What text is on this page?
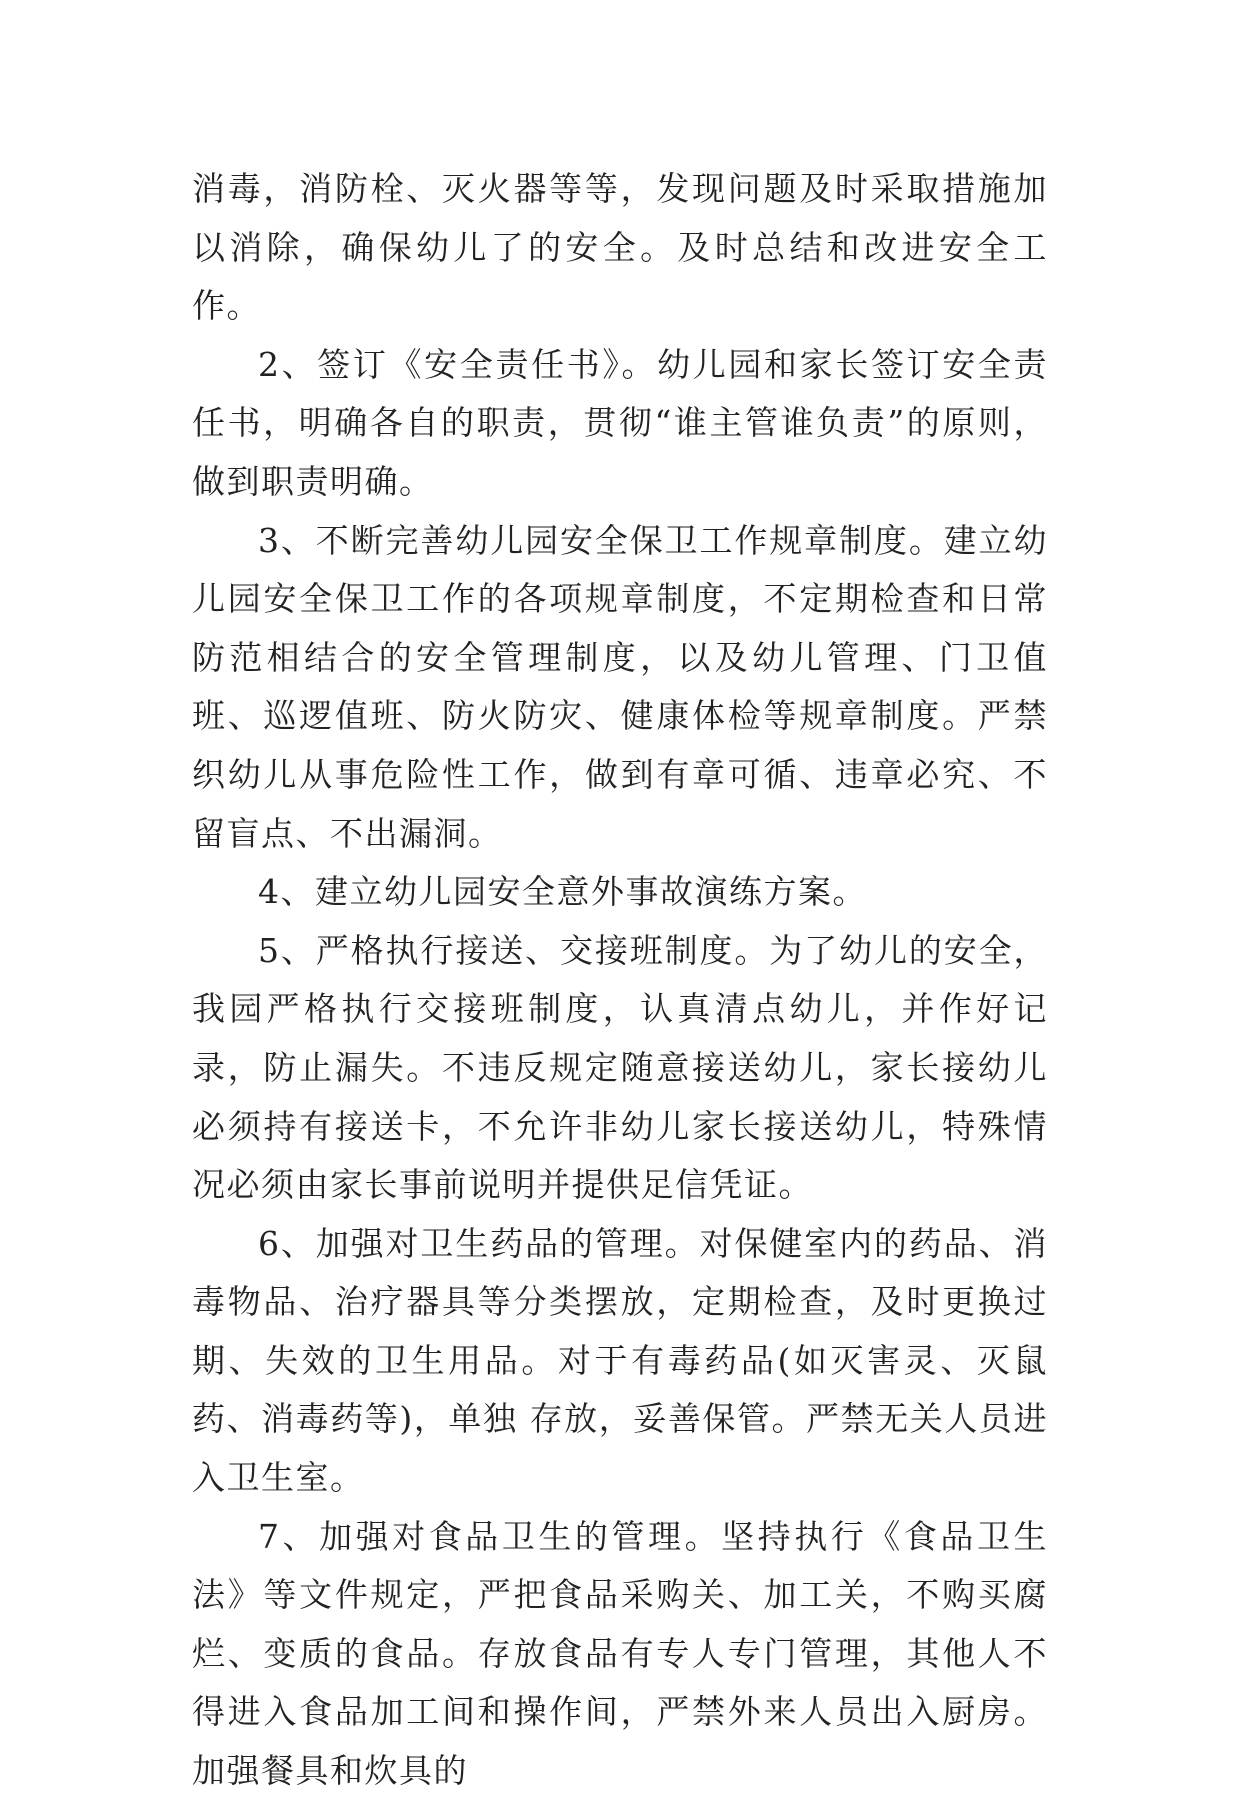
消毒，消防栓、灭火器等等，发现问题及时采取措施加以消除，确保幼儿了的安全。及时总结和改进安全工作。

2、签订《安全责任书》。幼儿园和家长签订安全责任书，明确各自的职责，贯彻“谁主管谁负责”的原则，做到职责明确。

3、不断完善幼儿园安全保卫工作规章制度。建立幼儿园安全保卫工作的各项规章制度，不定期检查和日常防范相结合的安全管理制度，以及幼儿管理、门卫值班、巡逻值班、防火防灾、健康体检等规章制度。严禁织幼儿从事危险性工作，做到有章可循、违章必究、不留盲点、不出漏洞。

4、建立幼儿园安全意外事故演练方案。

5、严格执行接送、交接班制度。为了幼儿的安全，我园严格执行交接班制度，认真清点幼儿，并作好记录，防止漏失。不违反规定随意接送幼儿，家长接幼儿必须持有接送卡，不允许非幼儿家长接送幼儿，特殊情况必须由家长事前说明并提供足信凭证。

6、加强对卫生药品的管理。对保健室内的药品、消毒物品、治疗器具等分类摆放，定期检查，及时更换过期、失效的卫生用品。对于有毒药品(如灭害灵、灭鼠药、消毒药等)，单独 存放，妥善保管。严禁无关人员进入卫生室。

7、加强对食品卫生的管理。坚持执行《食品卫生法》等文件规定，严把食品采购关、加工关，不购买腐烂、变质的食品。存放食品有专人专门管理，其他人不得进入食品加工间和操作间，严禁外来人员出入厨房。加强餐具和炊具的
